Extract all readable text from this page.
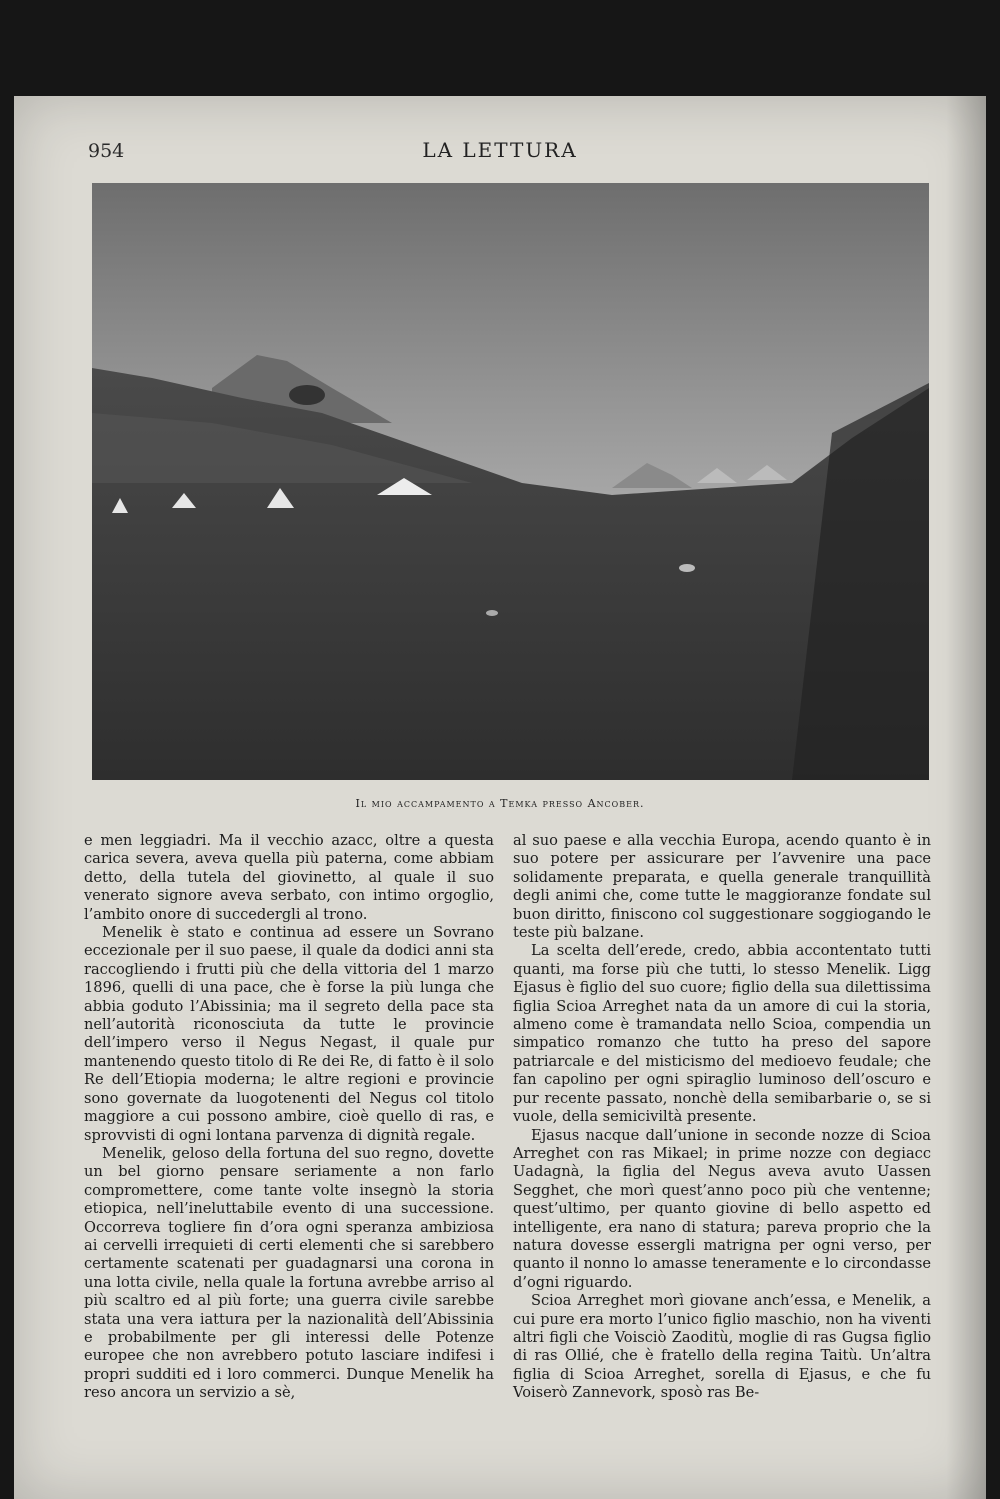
954	LA LETTURA
Il mio accampamento a Temka presso Ancober.

e men leggiadri. Ma il vecchio azacc, oltre a questa carica severa, aveva quella più paterna, come abbiam detto, della tutela del giovinetto, al quale il suo venerato signore aveva serbato, con intimo orgoglio, l’ambito onore di succedergli al trono.

Menelik è stato e continua ad essere un Sovrano eccezionale per il suo paese, il quale da dodici anni sta raccogliendo i frutti più che della vittoria del 1 marzo 1896, quelli di una pace, che è forse la più lunga che abbia goduto l’Abissinia; ma il segreto della pace sta nell’autorità riconosciuta da tutte le provincie dell’impero verso il Negus Negast, il quale pur mantenendo questo titolo di Re dei Re, di fatto è il solo Re dell’Etiopia moderna; le altre regioni e provincie sono governate da luogotenenti del Negus col titolo maggiore a cui possono ambire, cioè quello di ras, e sprovvisti di ogni lontana parvenza di dignità regale.

Menelik, geloso della fortuna del suo regno, dovette un bel giorno pensare seriamente a non farlo compromettere, come tante volte insegnò la storia etiopica, nell’ineluttabile evento di una successione. Occorreva togliere fin d’ora ogni speranza ambiziosa ai cervelli irrequieti di certi elementi che si sarebbero certamente scatenati per guadagnarsi una corona in una lotta civile, nella quale la fortuna avrebbe arriso al più scaltro ed al più forte; una guerra civile sarebbe stata una vera iattura per la nazionalità dell’Abissinia e probabilmente per gli interessi delle Potenze europee che non avrebbero potuto lasciare indifesi i propri sudditi ed i loro commerci. Dunque Menelik ha reso ancora un servizio a sè,

al suo paese e alla vecchia Europa, acendo quanto è in suo potere per assicurare per l’avvenire una pace solidamente preparata, e quella generale tranquillità degli animi che, come tutte le maggioranze fondate sul buon diritto, finiscono col suggestionare soggiogando le teste più balzane.

La scelta dell’erede, credo, abbia accontentato tutti quanti, ma forse più che tutti, lo stesso Menelik. Ligg Ejasus è figlio del suo cuore; figlio della sua dilettissima figlia Scioa Arreghet nata da un amore di cui la storia, almeno come è tramandata nello Scioa, compendia un simpatico romanzo che tutto ha preso del sapore patriarcale e del misticismo del medioevo feudale; che fan capolino per ogni spiraglio luminoso dell’oscuro e pur recente passato, nonchè della semibarbarie o, se si vuole, della semiciviltà presente.

Ejasus nacque dall’unione in seconde nozze di Scioa Arreghet con ras Mikael; in prime nozze con degiacc Uadagnà, la figlia del Negus aveva avuto Uassen Segghet, che morì quest’anno poco più che ventenne; quest’ultimo, per quanto giovine di bello aspetto ed intelligente, era nano di statura; pareva proprio che la natura dovesse essergli matrigna per ogni verso, per quanto il nonno lo amasse teneramente e lo circondasse d’ogni riguardo.

Scioa Arreghet morì giovane anch’essa, e Menelik, a cui pure era morto l’unico figlio maschio, non ha viventi altri figli che Voisciò Zaoditù, moglie di ras Gugsa figlio di ras Ollié, che è fratello della regina Taitù. Un’altra figlia di Scioa Arreghet, sorella di Ejasus, e che fu Voiserò Zannevork, sposò ras Be-
